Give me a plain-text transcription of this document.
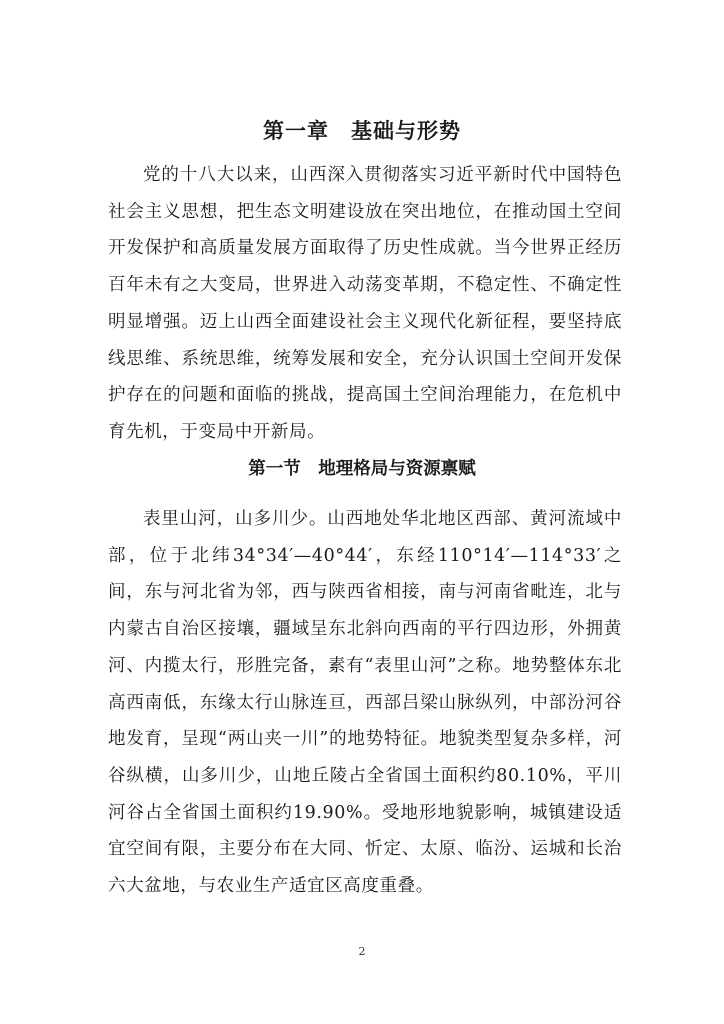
第一章　基础与形势

党的十八大以来，山西深入贯彻落实习近平新时代中国特色社会主义思想，把生态文明建设放在突出地位，在推动国土空间开发保护和高质量发展方面取得了历史性成就。当今世界正经历百年未有之大变局，世界进入动荡变革期，不稳定性、不确定性明显增强。迈上山西全面建设社会主义现代化新征程，要坚持底线思维、系统思维，统筹发展和安全，充分认识国土空间开发保护存在的问题和面临的挑战，提高国土空间治理能力，在危机中育先机，于变局中开新局。

第一节　地理格局与资源禀赋

表里山河，山多川少。山西地处华北地区西部、黄河流域中部，位于北纬34°34′—40°44′，东经110°14′—114°33′之间，东与河北省为邻，西与陕西省相接，南与河南省毗连，北与内蒙古自治区接壤，疆域呈东北斜向西南的平行四边形，外拥黄河、内揽太行，形胜完备，素有“表里山河”之称。地势整体东北高西南低，东缘太行山脉连亘，西部吕梁山脉纵列，中部汾河谷地发育，呈现“两山夹一川”的地势特征。地貌类型复杂多样，河谷纵横，山多川少，山地丘陵占全省国土面积约80.10%，平川河谷占全省国土面积约19.90%。受地形地貌影响，城镇建设适宜空间有限，主要分布在大同、忻定、太原、临汾、运城和长治六大盆地，与农业生产适宜区高度重叠。

2
